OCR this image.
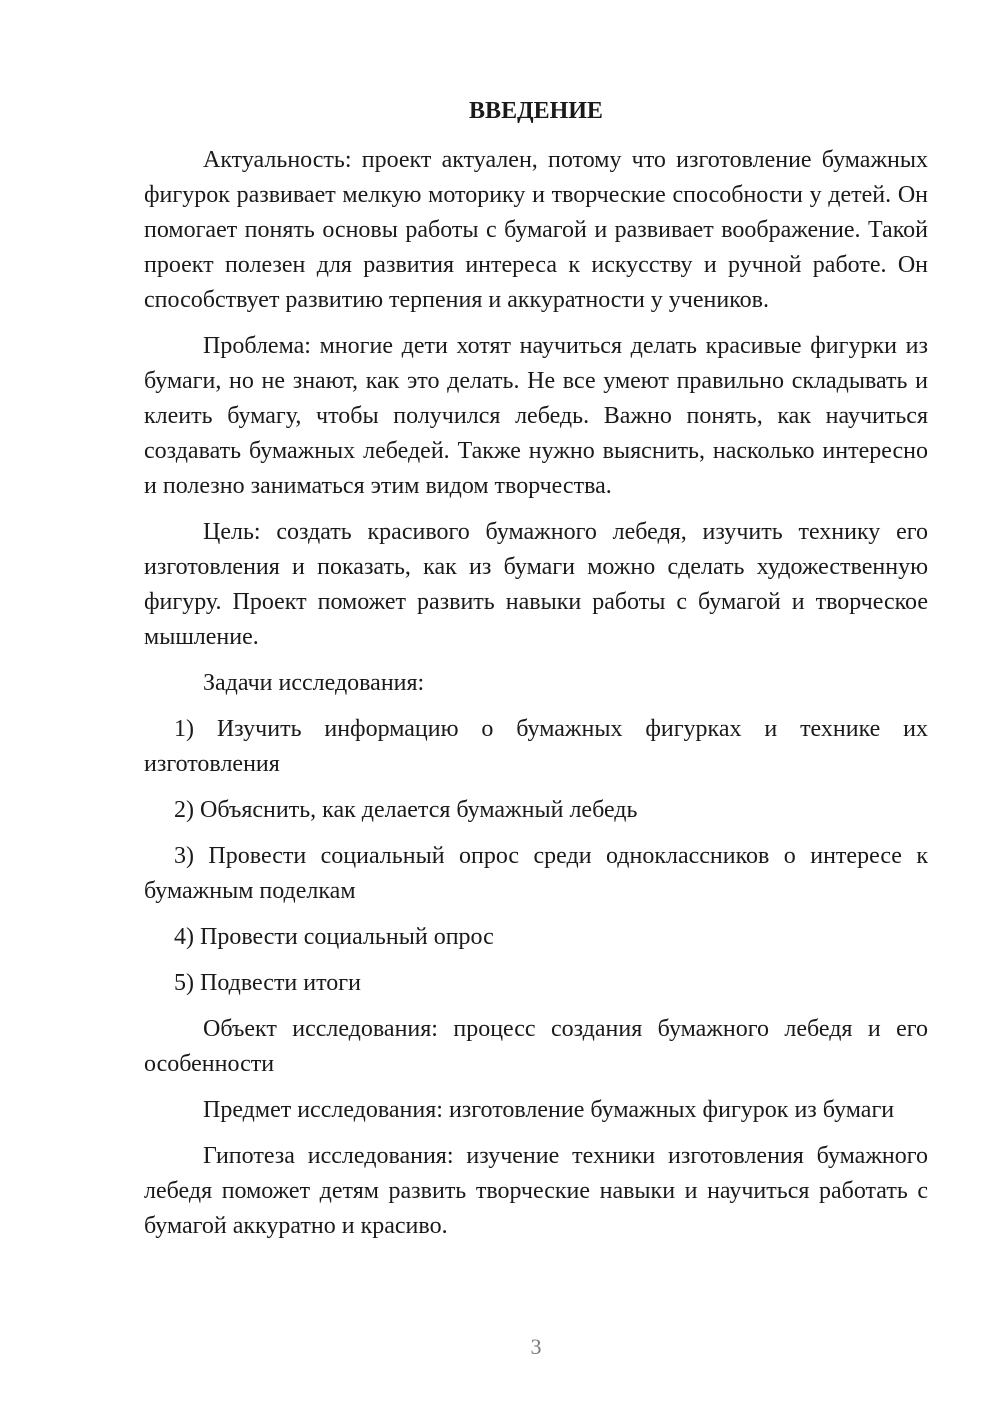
ВВЕДЕНИЕ

Актуальность: проект актуален, потому что изготовление бумажных фигурок развивает мелкую моторику и творческие способности у детей. Он помогает понять основы работы с бумагой и развивает воображение. Такой проект полезен для развития интереса к искусству и ручной работе. Он способствует развитию терпения и аккуратности у учеников.

Проблема: многие дети хотят научиться делать красивые фигурки из бумаги, но не знают, как это делать. Не все умеют правильно складывать и клеить бумагу, чтобы получился лебедь. Важно понять, как научиться создавать бумажных лебедей. Также нужно выяснить, насколько интересно и полезно заниматься этим видом творчества.

Цель: создать красивого бумажного лебедя, изучить технику его изготовления и показать, как из бумаги можно сделать художественную фигуру. Проект поможет развить навыки работы с бумагой и творческое мышление.

Задачи исследования:

1) Изучить информацию о бумажных фигурках и технике их изготовления

2) Объяснить, как делается бумажный лебедь

3) Провести социальный опрос среди одноклассников о интересе к бумажным поделкам

4) Провести социальный опрос

5) Подвести итоги

Объект исследования: процесс создания бумажного лебедя и его особенности

Предмет исследования: изготовление бумажных фигурок из бумаги

Гипотеза исследования: изучение техники изготовления бумажного лебедя поможет детям развить творческие навыки и научиться работать с бумагой аккуратно и красиво.

3
